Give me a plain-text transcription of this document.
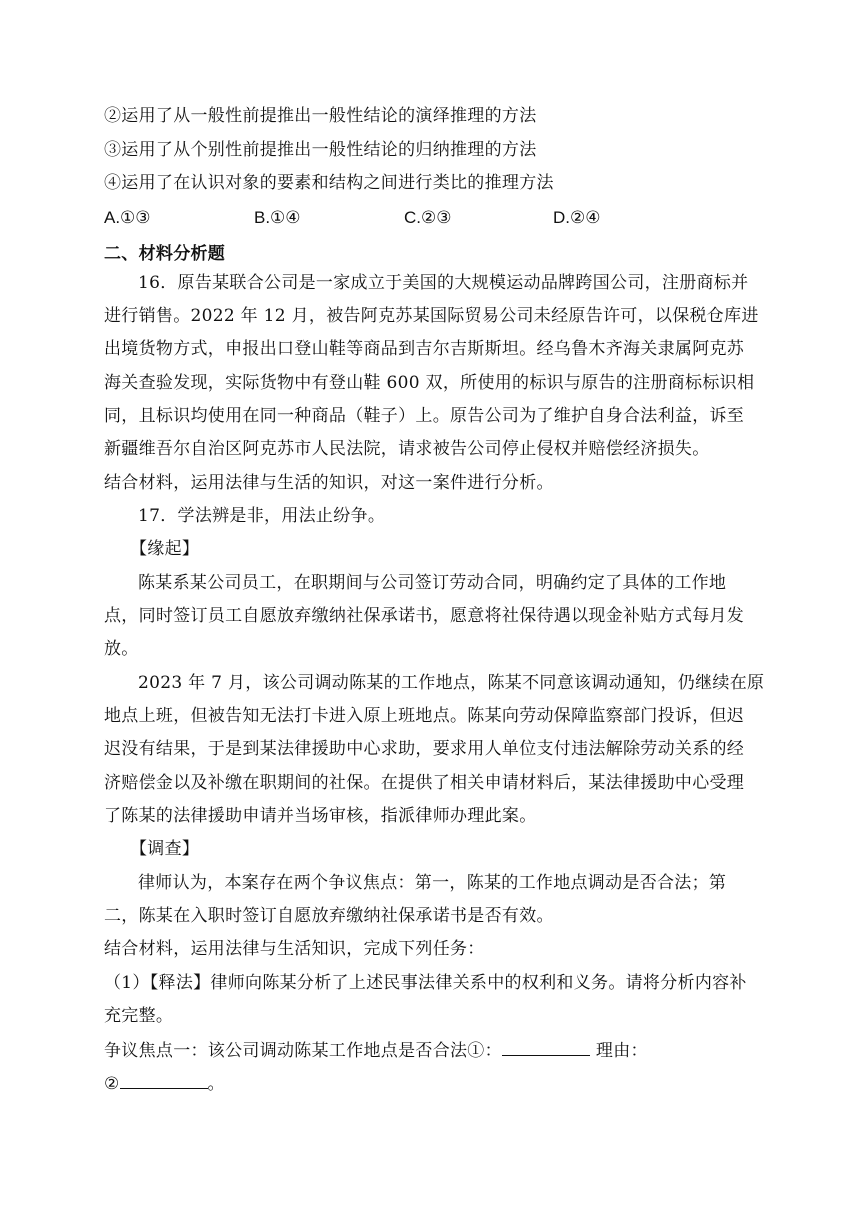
②运用了从一般性前提推出一般性结论的演绎推理的方法
③运用了从个别性前提推出一般性结论的归纳推理的方法
④运用了在认识对象的要素和结构之间进行类比的推理方法
A.①③	B.①④	C.②③	D.②④
二、材料分析题
16．原告某联合公司是一家成立于美国的大规模运动品牌跨国公司，注册商标并
进行销售。2022 年 12 月，被告阿克苏某国际贸易公司未经原告许可，以保税仓库进
出境货物方式，申报出口登山鞋等商品到吉尔吉斯斯坦。经乌鲁木齐海关隶属阿克苏
海关查验发现，实际货物中有登山鞋 600 双，所使用的标识与原告的注册商标标识相
同，且标识均使用在同一种商品（鞋子）上。原告公司为了维护自身合法利益，诉至
新疆维吾尔自治区阿克苏市人民法院，请求被告公司停止侵权并赔偿经济损失。
结合材料，运用法律与生活的知识，对这一案件进行分析。
17．学法辨是非，用法止纷争。
【缘起】
陈某系某公司员工，在职期间与公司签订劳动合同，明确约定了具体的工作地
点，同时签订员工自愿放弃缴纳社保承诺书，愿意将社保待遇以现金补贴方式每月发
放。
2023 年 7 月，该公司调动陈某的工作地点，陈某不同意该调动通知，仍继续在原
地点上班，但被告知无法打卡进入原上班地点。陈某向劳动保障监察部门投诉，但迟
迟没有结果，于是到某法律援助中心求助，要求用人单位支付违法解除劳动关系的经
济赔偿金以及补缴在职期间的社保。在提供了相关申请材料后，某法律援助中心受理
了陈某的法律援助申请并当场审核，指派律师办理此案。
【调查】
律师认为，本案存在两个争议焦点：第一，陈某的工作地点调动是否合法；第
二，陈某在入职时签订自愿放弃缴纳社保承诺书是否有效。
结合材料，运用法律与生活知识，完成下列任务：
（1）【释法】律师向陈某分析了上述民事法律关系中的权利和义务。请将分析内容补
充完整。
争议焦点一：该公司调动陈某工作地点是否合法①：	理由：
②	。
